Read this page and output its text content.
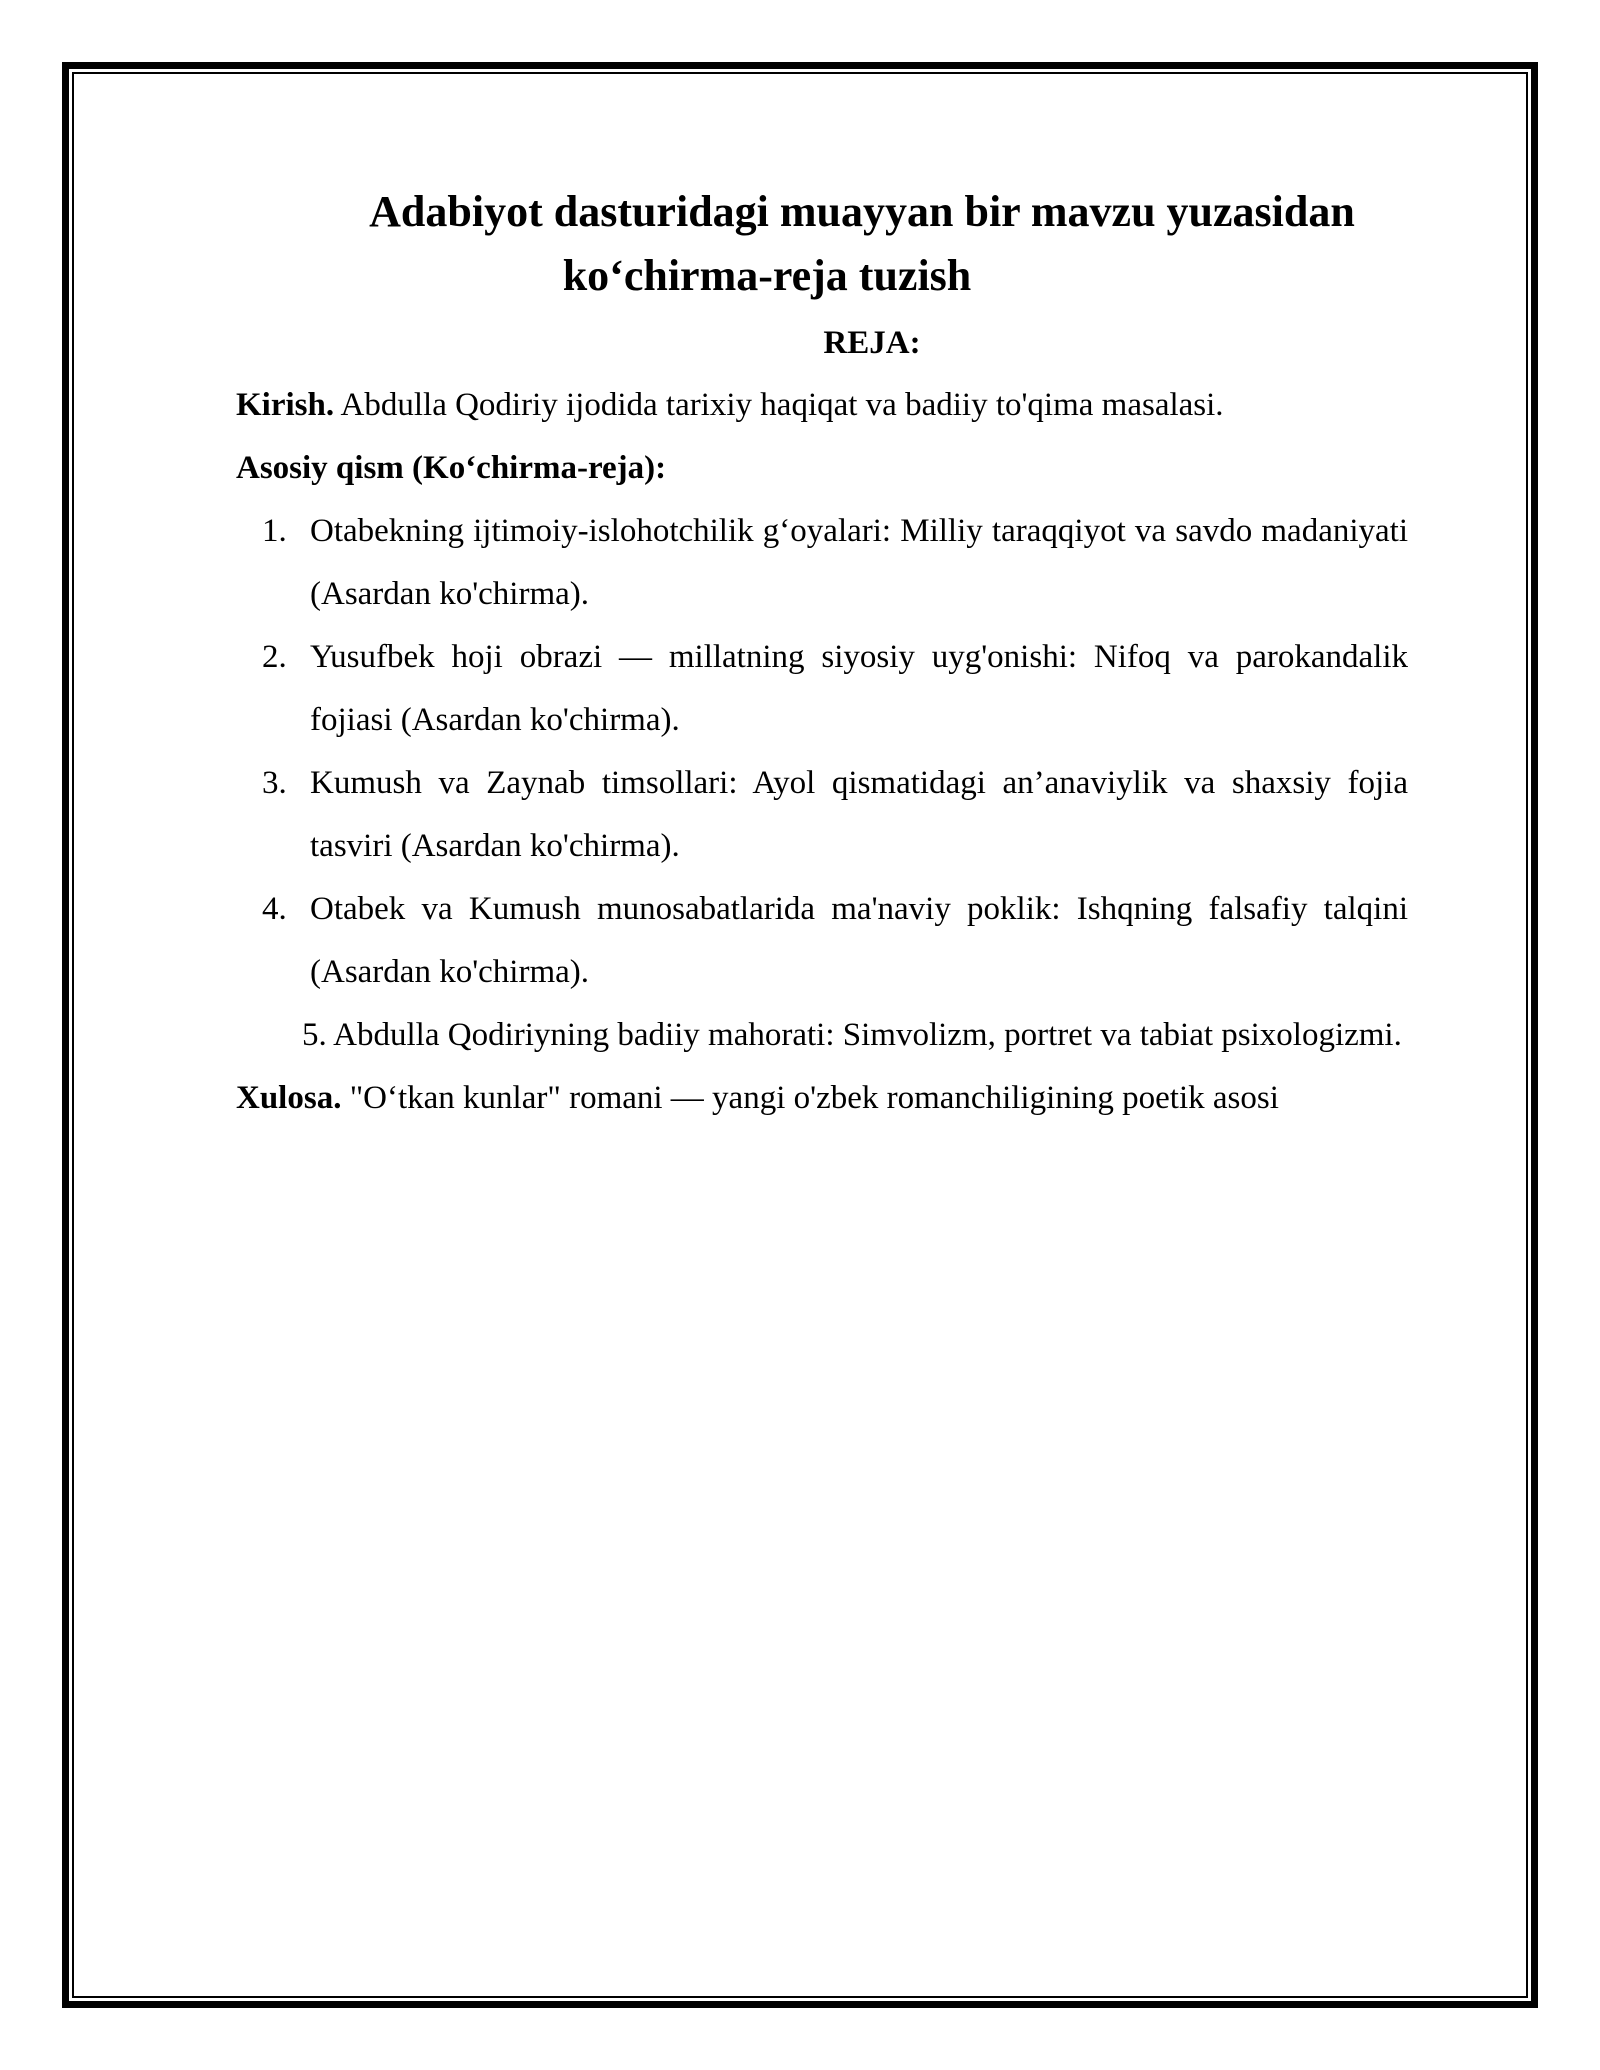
Adabiyot dasturidagi muayyan bir mavzu yuzasidan
ko‘chirma-reja tuzish

REJA:

Kirish. Abdulla Qodiriy ijodida tarixiy haqiqat va badiiy to'qima masalasi.

Asosiy qism (Ko‘chirma-reja):

1. Otabekning ijtimoiy-islohotchilik g‘oyalari: Milliy taraqqiyot va savdo madaniyati (Asardan ko'chirma).
2. Yusufbek hoji obrazi — millatning siyosiy uyg'onishi: Nifoq va parokandalik fojiasi (Asardan ko'chirma).
3. Kumush va Zaynab timsollari: Ayol qismatidagi an’anaviylik va shaxsiy fojia tasviri (Asardan ko'chirma).
4. Otabek va Kumush munosabatlarida ma'naviy poklik: Ishqning falsafiy talqini (Asardan ko'chirma).
5. Abdulla Qodiriyning badiiy mahorati: Simvolizm, portret va tabiat psixologizmi.

Xulosa. "O‘tkan kunlar" romani — yangi o'zbek romanchiligining poetik asosi
